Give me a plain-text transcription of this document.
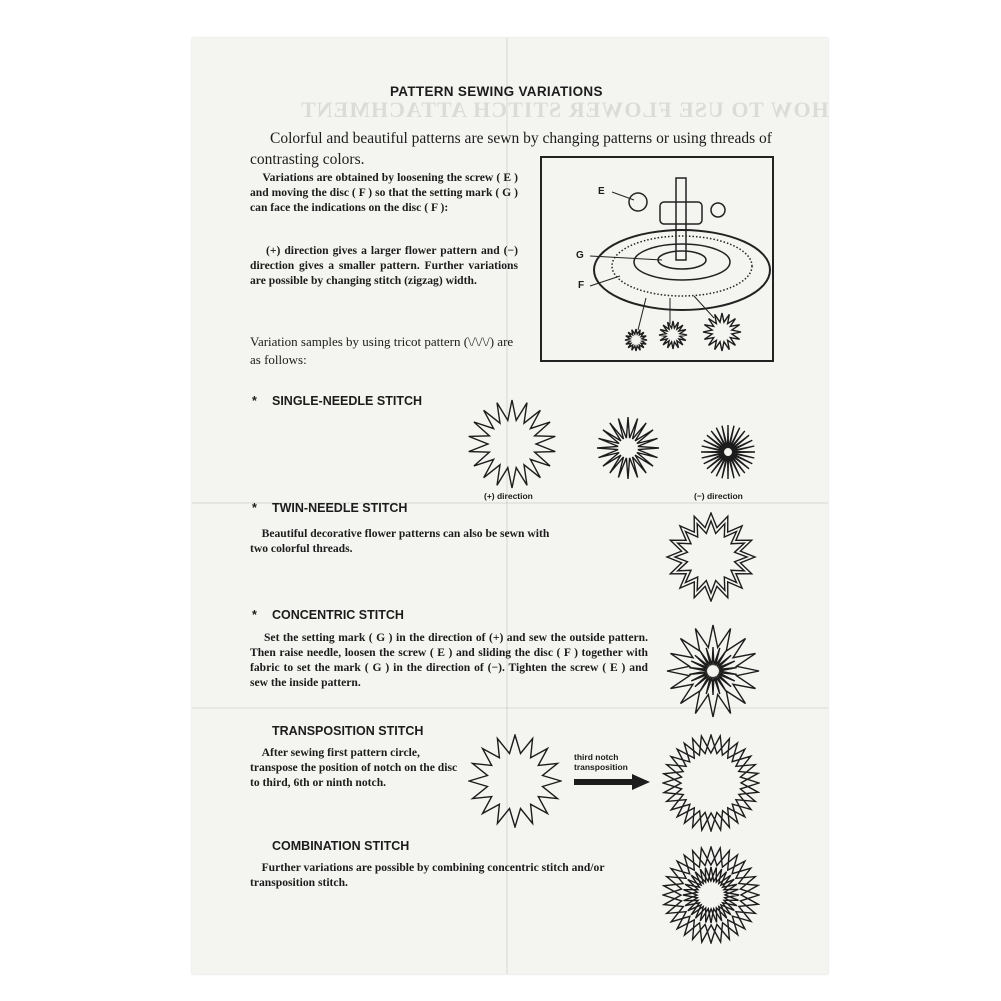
HOW TO USE FLOWER STITCH ATTACHMENT
PATTERN SEWING VARIATIONS

Colorful and beautiful patterns are sewn by changing patterns or using threads of contrasting colors.

Variations are obtained by loosening the screw ( E ) and moving the disc ( F ) so that the setting mark ( G ) can face the indications on the disc ( F ):

(+) direction gives a larger flower pattern and (−) direction gives a smaller pattern. Further variations are possible by changing stitch (zigzag) width.

Variation samples by using tricot pattern (\/\/\/) are as follows:

E
G
F
* SINGLE-NEEDLE STITCH
(+) direction	(−) direction
* TWIN-NEEDLE STITCH

Beautiful decorative flower patterns can also be sewn with two colorful threads.

* CONCENTRIC STITCH

Set the setting mark ( G ) in the direction of (+) and sew the outside pattern. Then raise needle, loosen the screw ( E ) and sliding the disc ( F ) together with fabric to set the mark ( G ) in the direction of (−). Tighten the screw ( E ) and sew the inside pattern.

TRANSPOSITION STITCH

After sewing first pattern circle, transpose the position of notch on the disc to third, 6th or ninth notch.

third notch
transposition
COMBINATION STITCH

Further variations are possible by combining concentric stitch and/or transposition stitch.
